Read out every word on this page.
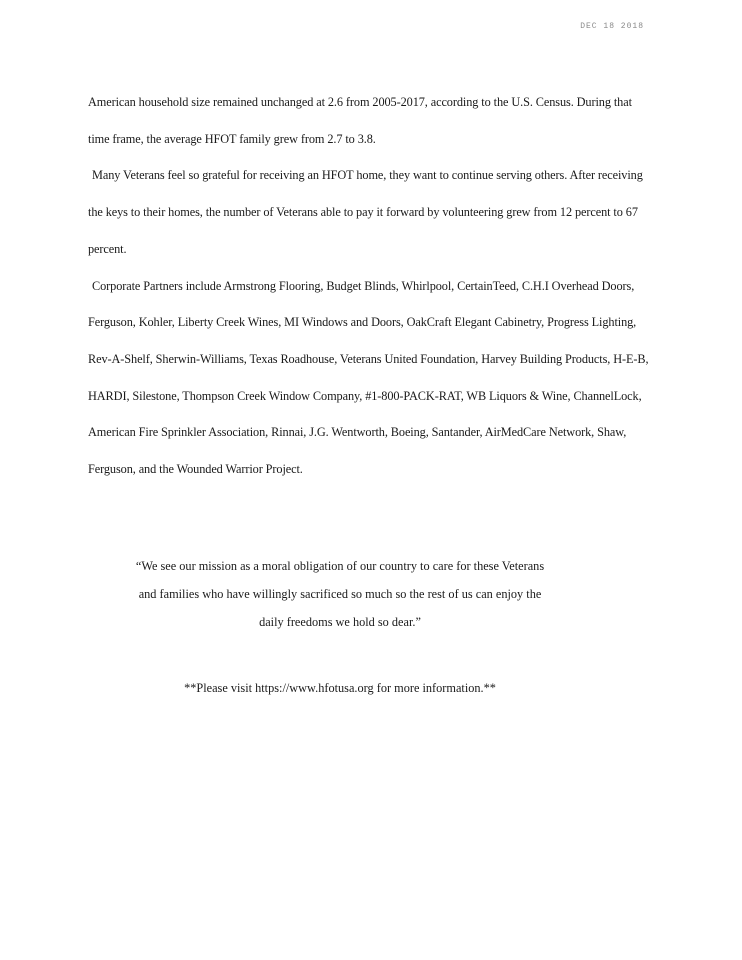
DEC 18 2018

American household size remained unchanged at 2.6 from 2005-2017, according to the U.S. Census. During that time frame, the average HFOT family grew from 2.7 to 3.8.

Many Veterans feel so grateful for receiving an HFOT home, they want to continue serving others. After receiving the keys to their homes, the number of Veterans able to pay it forward by volunteering grew from 12 percent to 67 percent.

Corporate Partners include Armstrong Flooring, Budget Blinds, Whirlpool, CertainTeed, C.H.I Overhead Doors, Ferguson, Kohler, Liberty Creek Wines, MI Windows and Doors, OakCraft Elegant Cabinetry, Progress Lighting, Rev-A-Shelf, Sherwin-Williams, Texas Roadhouse, Veterans United Foundation, Harvey Building Products, H-E-B, HARDI, Silestone, Thompson Creek Window Company, #1-800-PACK-RAT, WB Liquors & Wine, ChannelLock, American Fire Sprinkler Association, Rinnai, J.G. Wentworth, Boeing, Santander, AirMedCare Network, Shaw, Ferguson, and the Wounded Warrior Project.

“We see our mission as a moral obligation of our country to care for these Veterans
and families who have willingly sacrificed so much so the rest of us can enjoy the
daily freedoms we hold so dear.”
**Please visit https://www.hfotusa.org for more information.**
